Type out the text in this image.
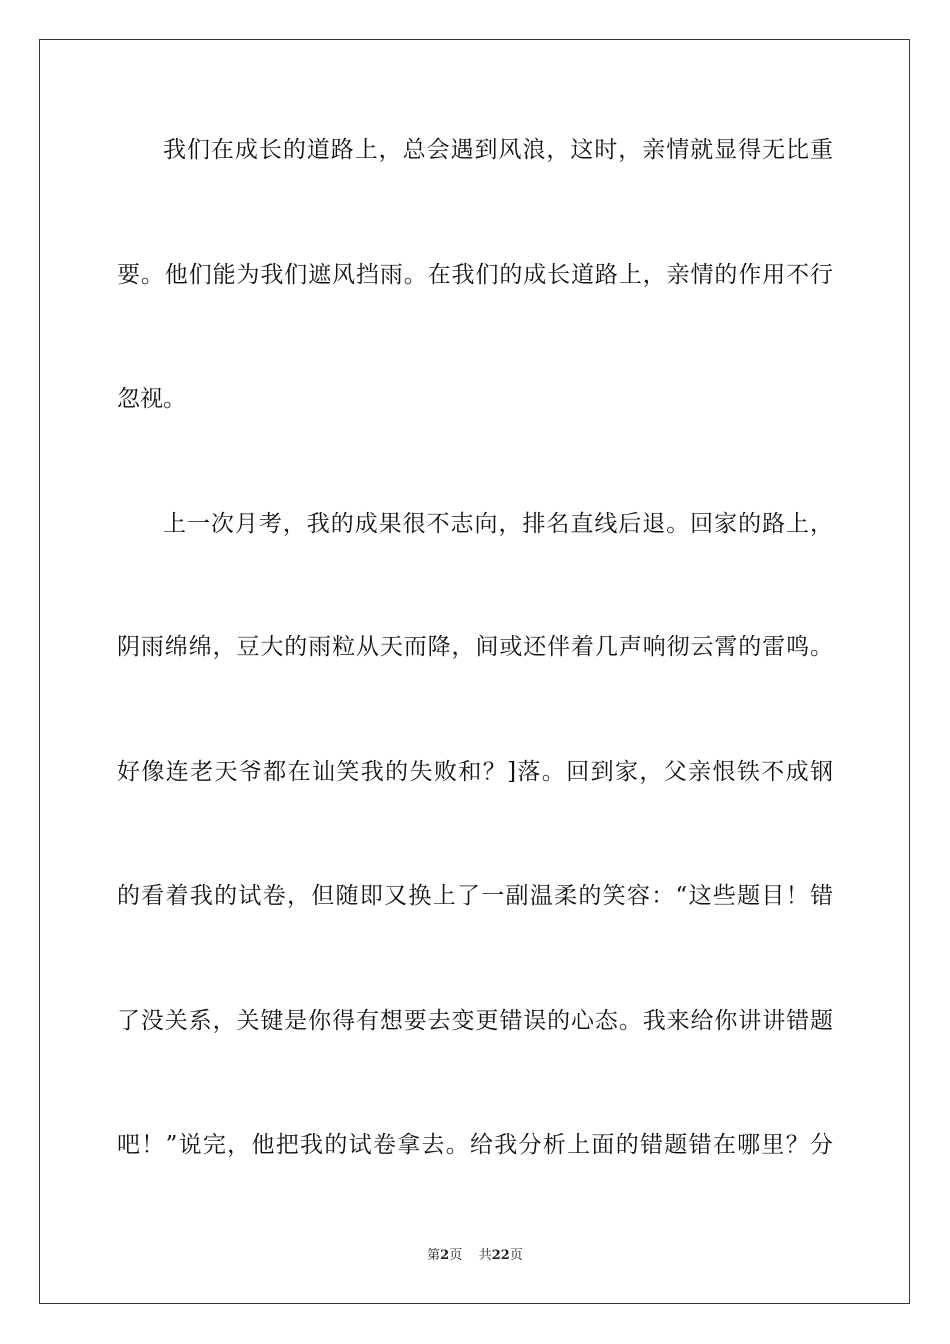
我们在成长的道路上，总会遇到风浪，这时，亲情就显得无比重
要。他们能为我们遮风挡雨。在我们的成长道路上，亲情的作用不行
忽视。
上一次月考，我的成果很不志向，排名直线后退。回家的路上，
阴雨绵绵，豆大的雨粒从天而降，间或还伴着几声响彻云霄的雷鸣。
好像连老天爷都在讪笑我的失败和？]落。回到家，父亲恨铁不成钢
的看着我的试卷，但随即又换上了一副温柔的笑容：“这些题目！错
了没关系，关键是你得有想要去变更错误的心态。我来给你讲讲错题
吧！”说完，他把我的试卷拿去。给我分析上面的错题错在哪里？分
第2页 共22页
